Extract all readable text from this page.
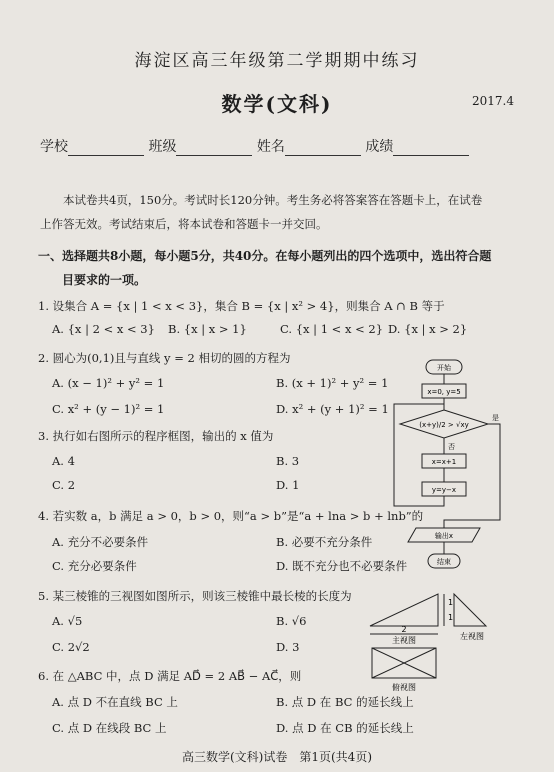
海淀区高三年级第二学期期中练习
数学(文科)	2017.4
学校	班级	姓名	成绩

本试卷共4页，150分。考试时长120分钟。考生务必将答案答在答题卡上，在试卷

上作答无效。考试结束后，将本试卷和答题卡一并交回。

一、选择题共8小题，每小题5分，共40分。在每小题列出的四个选项中，选出符合题
目要求的一项。
1. 设集合 A = {x | 1 < x < 3}，集合 B = {x | x² > 4}，则集合 A ∩ B 等于
A. {x | 2 < x < 3} B. {x | x > 1}	C. {x | 1 < x < 2} D. {x | x > 2}
2. 圆心为(0,1)且与直线 y = 2 相切的圆的方程为
A. (x − 1)² + y² = 1	B. (x + 1)² + y² = 1
C. x² + (y − 1)² = 1	D. x² + (y + 1)² = 1
3. 执行如右图所示的程序框图，输出的 x 值为
A. 4	B. 3
C. 2	D. 1
4. 若实数 a，b 满足 a > 0，b > 0，则“a > b”是“a + lna > b + lnb”的
A. 充分不必要条件	B. 必要不充分条件
C. 充分必要条件	D. 既不充分也不必要条件
5. 某三棱锥的三视图如图所示，则该三棱锥中最长棱的长度为
A. √5	B. √6
C. 2√2	D. 3
6. 在 △ABC 中，点 D 满足 AD⃗ = 2 AB⃗ − AC⃗，则
A. 点 D 不在直线 BC 上	B. 点 D 在 BC 的延长线上
C. 点 D 在线段 BC 上	D. 点 D 在 CB 的延长线上
开始
x=0, y=5
(x+y)/2 > √xy
是
否
x=x+1
y=y−x
输出x
结束
2
1
1
主视图	左视图
俯视图
高三数学(文科)试卷　第1页(共4页)
